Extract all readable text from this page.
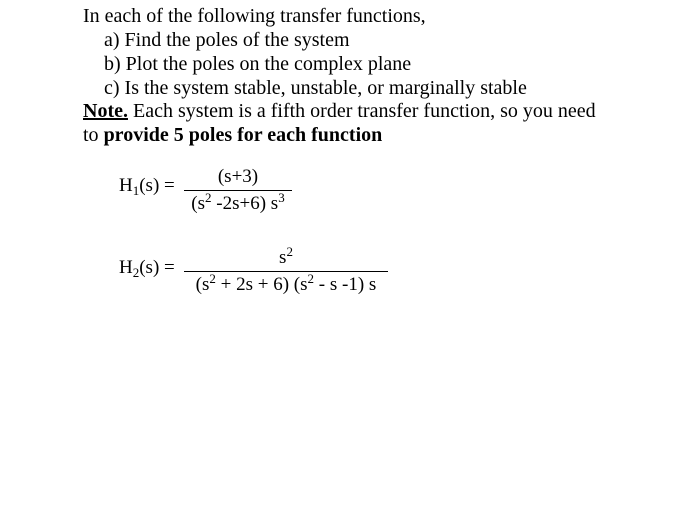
In each of the following transfer functions,
a) Find the poles of the system
b) Plot the poles on the complex plane
c) Is the system stable, unstable, or marginally stable
Note. Each system is a fifth order transfer function, so you need
to provide 5 poles for each function
$H_1(s) = (s+3)$
($s^2$ -2s+6) $s^3$
$H_2(s)$ =	$s^2$
$(s^2 + 2s + 6)$ ($s^2$ - s -1) s
